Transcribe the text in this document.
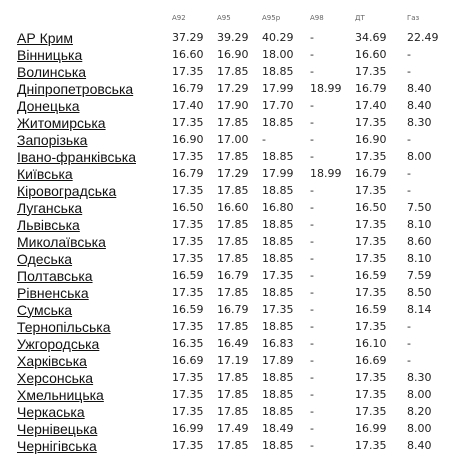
	А92	А95	А95р	А98	ДТ	Газ
АР Крим	37.29	39.29	40.29	-	34.69	22.49
Вінницька	16.60	16.90	18.00	-	16.60	-
Волинська	17.35	17.85	18.85	-	17.35	-
Дніпропетровська	16.79	17.29	17.99	18.99	16.79	8.40
Донецька	17.40	17.90	17.70	-	17.40	8.40
Житомирська	17.35	17.85	18.85	-	17.35	8.30
Запорізька	16.90	17.00	-	-	16.90	-
Івано-франківська	17.35	17.85	18.85	-	17.35	8.00
Київська	16.79	17.29	17.99	18.99	16.79	-
Кіровоградська	17.35	17.85	18.85	-	17.35	-
Луганська	16.50	16.60	16.80	-	16.50	7.50
Львівська	17.35	17.85	18.85	-	17.35	8.10
Миколаївська	17.35	17.85	18.85	-	17.35	8.60
Одеська	17.35	17.85	18.85	-	17.35	8.10
Полтавська	16.59	16.79	17.35	-	16.59	7.59
Рівненська	17.35	17.85	18.85	-	17.35	8.50
Сумська	16.59	16.79	17.35	-	16.59	8.14
Тернопільська	17.35	17.85	18.85	-	17.35	-
Ужгородська	16.35	16.49	16.83	-	16.10	-
Харківська	16.69	17.19	17.89	-	16.69	-
Херсонська	17.35	17.85	18.85	-	17.35	8.30
Хмельницька	17.35	17.85	18.85	-	17.35	8.00
Черкаська	17.35	17.85	18.85	-	17.35	8.20
Чернівецька	16.99	17.49	18.49	-	16.99	8.00
Чернігівська	17.35	17.85	18.85	-	17.35	8.40
